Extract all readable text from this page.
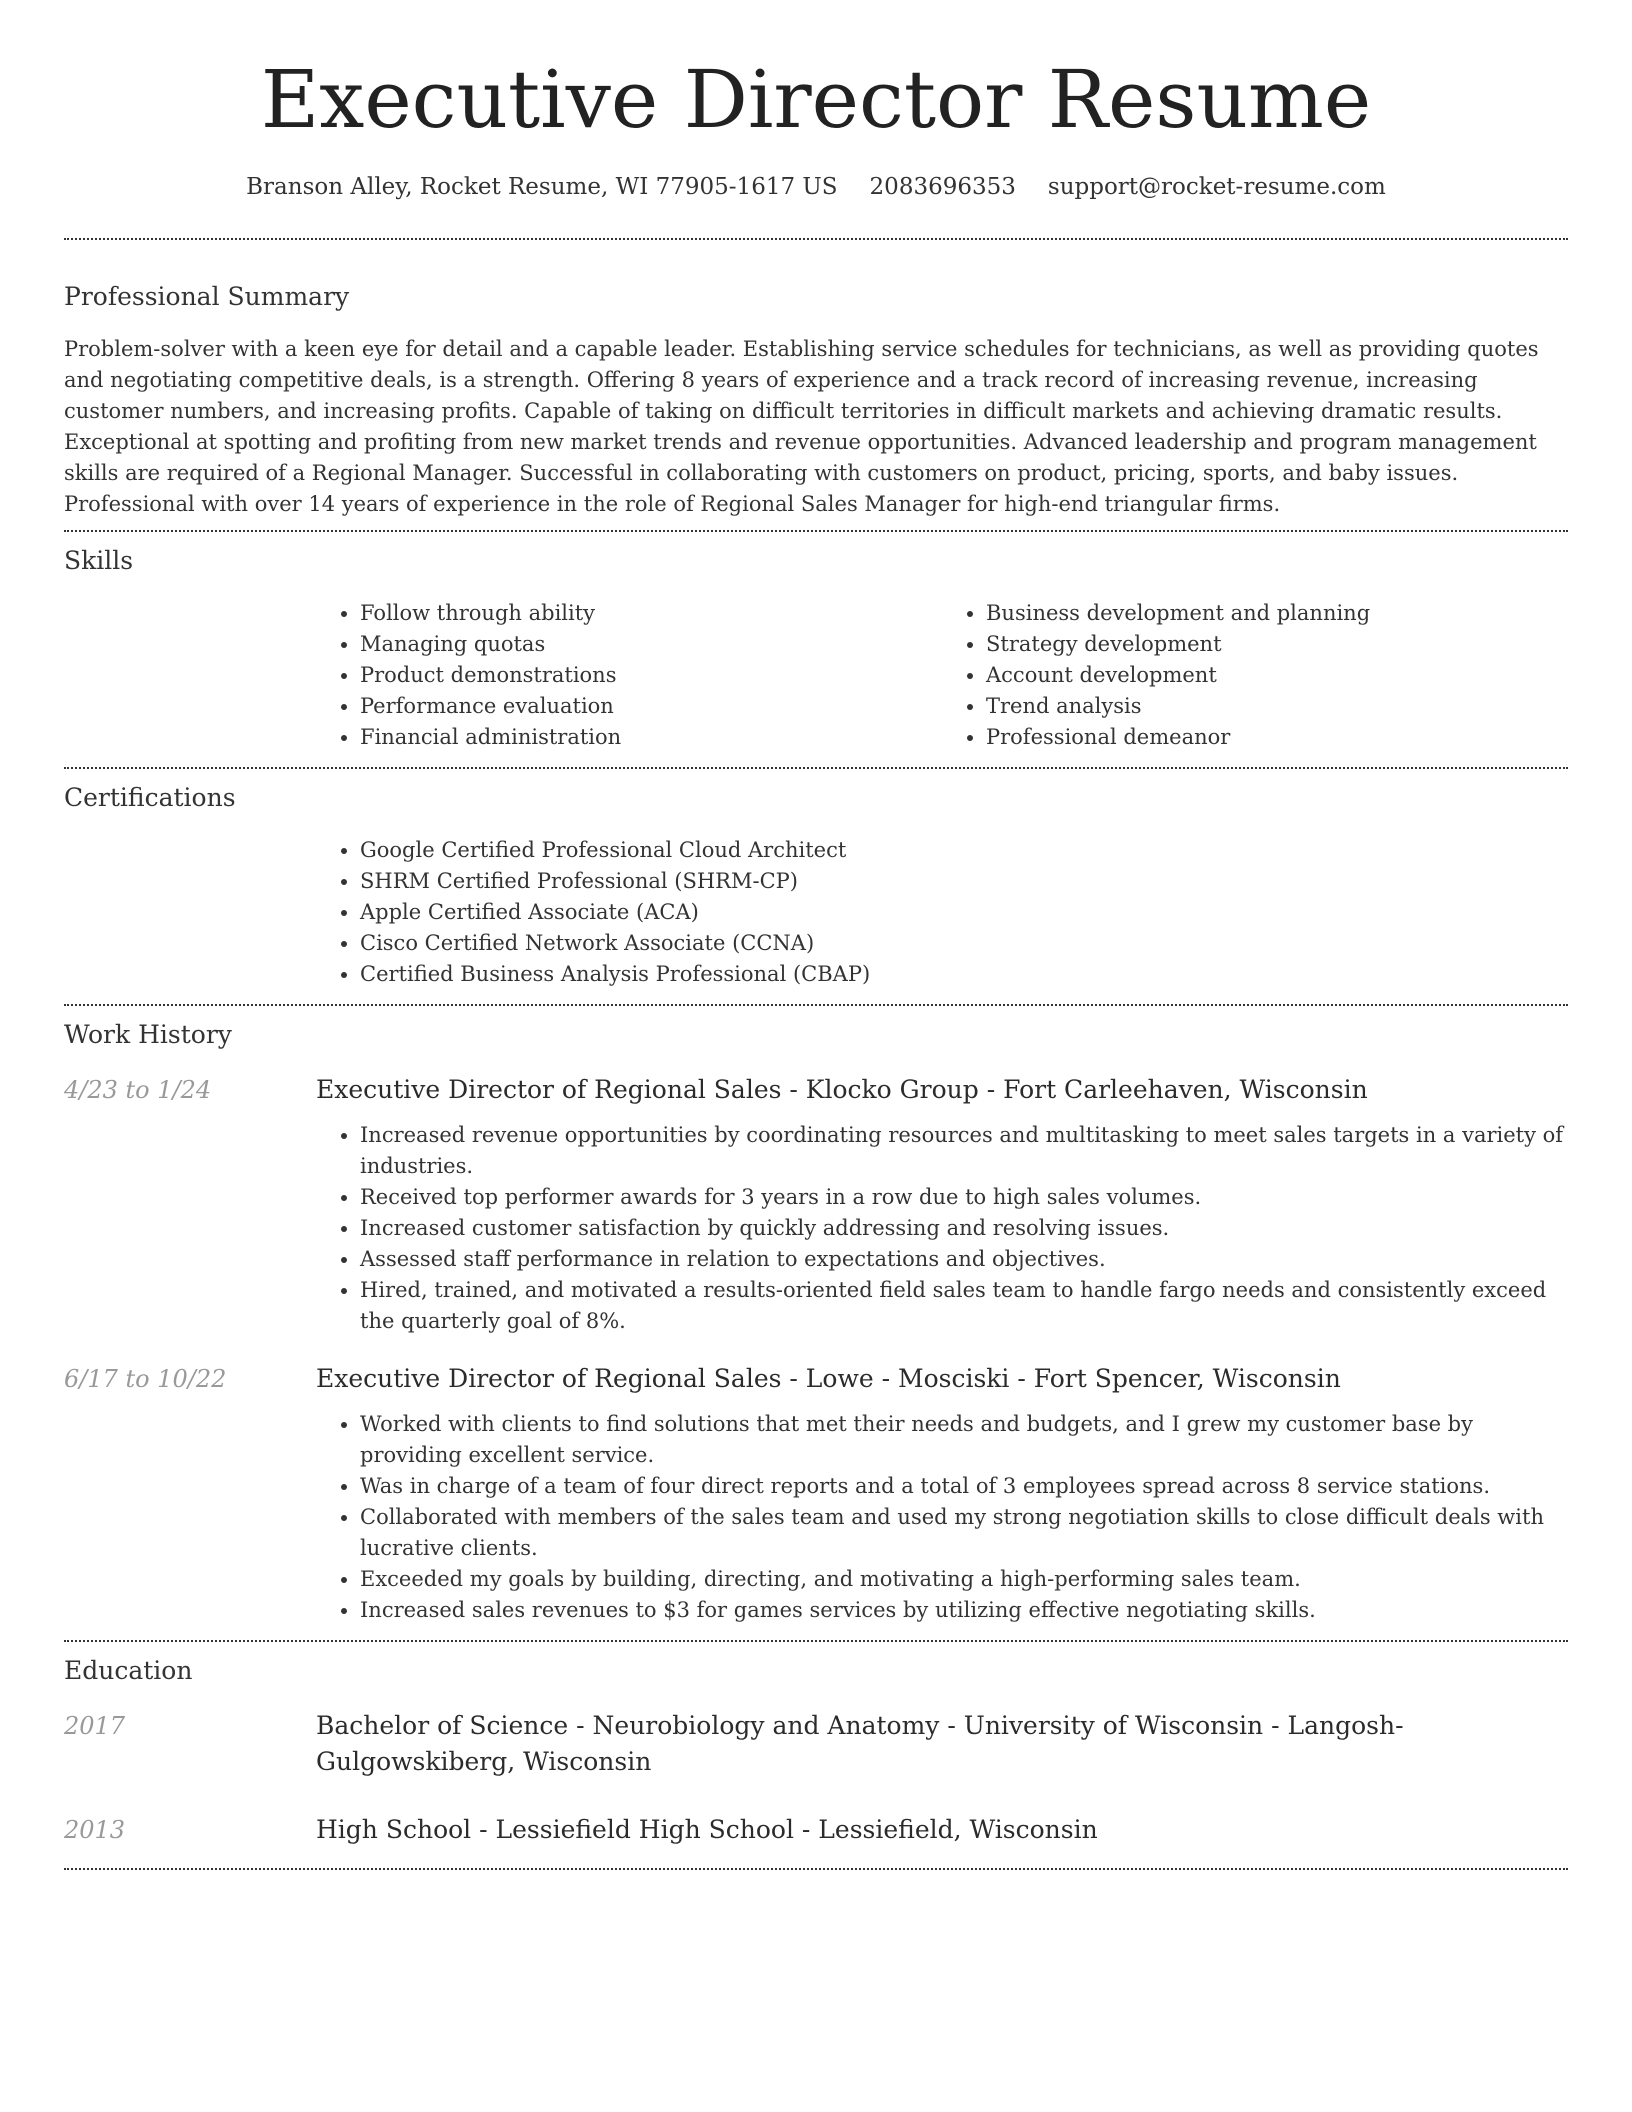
Executive Director Resume
Branson Alley, Rocket Resume, WI 77905-1617 US 2083696353 support@rocket-resume.com
Professional Summary

Problem-solver with a keen eye for detail and a capable leader. Establishing service schedules for technicians, as well as providing quotes and negotiating competitive deals, is a strength. Offering 8 years of experience and a track record of increasing revenue, increasing customer numbers, and increasing profits. Capable of taking on difficult territories in difficult markets and achieving dramatic results. Exceptional at spotting and profiting from new market trends and revenue opportunities. Advanced leadership and program management skills are required of a Regional Manager. Successful in collaborating with customers on product, pricing, sports, and baby issues. Professional with over 14 years of experience in the role of Regional Sales Manager for high-end triangular firms.

Skills
• Follow through ability
• Managing quotas
• Product demonstrations
• Performance evaluation
• Financial administration
• Business development and planning
• Strategy development
• Account development
• Trend analysis
• Professional demeanor
Certifications
• Google Certified Professional Cloud Architect
• SHRM Certified Professional (SHRM-CP)
• Apple Certified Associate (ACA)
• Cisco Certified Network Associate (CCNA)
• Certified Business Analysis Professional (CBAP)
Work History
4/23 to 1/24	Executive Director of Regional Sales - Klocko Group - Fort Carleehaven, Wisconsin

• Increased revenue opportunities by coordinating resources and multitasking to meet sales targets in a variety of industries.
• Received top performer awards for 3 years in a row due to high sales volumes.
• Increased customer satisfaction by quickly addressing and resolving issues.
• Assessed staff performance in relation to expectations and objectives.
• Hired, trained, and motivated a results-oriented field sales team to handle fargo needs and consistently exceed the quarterly goal of 8%.
6/17 to 10/22	Executive Director of Regional Sales - Lowe - Mosciski - Fort Spencer, Wisconsin

• Worked with clients to find solutions that met their needs and budgets, and I grew my customer base by providing excellent service.
• Was in charge of a team of four direct reports and a total of 3 employees spread across 8 service stations.
• Collaborated with members of the sales team and used my strong negotiation skills to close difficult deals with lucrative clients.
• Exceeded my goals by building, directing, and motivating a high-performing sales team.
• Increased sales revenues to $3 for games services by utilizing effective negotiating skills.
Education
2017	Bachelor of Science - Neurobiology and Anatomy - University of Wisconsin - Langosh-Gulgowskiberg, Wisconsin

2013	High School - Lessiefield High School - Lessiefield, Wisconsin
